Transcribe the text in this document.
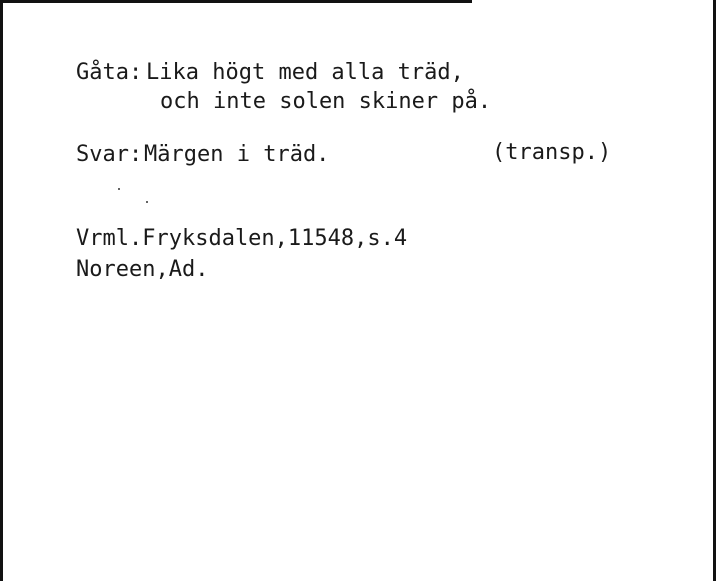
Gåta: Lika högt med alla träd,
och inte solen skiner på.
Svar: Märgen i träd.	(transp.)
Vrml.Fryksdalen,11548,s.4
Noreen,Ad.
